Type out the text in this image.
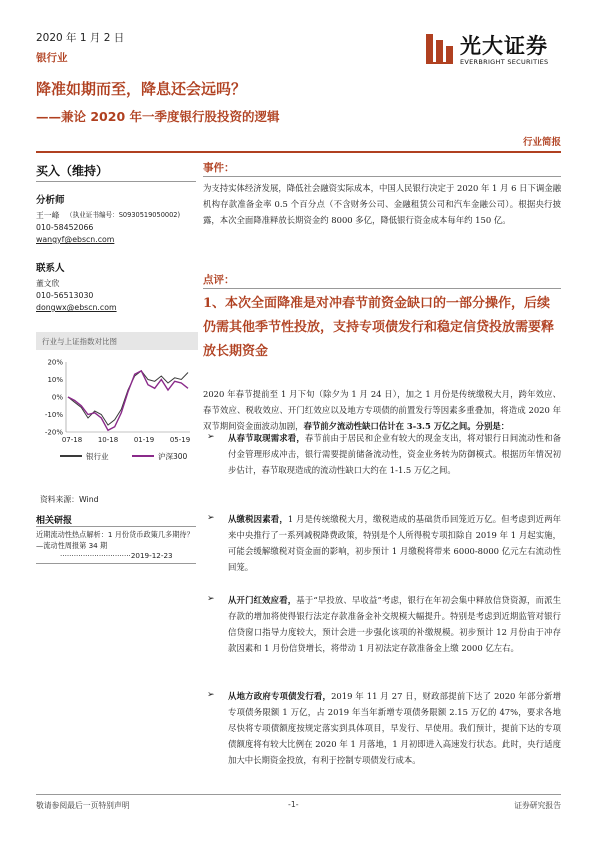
2020 年 1 月 2 日
银行业	光大证券
EVERBRIGHT SECURITIES
降准如期而至，降息还会远吗？
——兼论 2020 年一季度银行股投资的逻辑
行业简报
买入（维持）
分析师
王一峰 （执业证书编号：S0930519050002)
010-58452066
wangyf@ebscn.com
联系人
董文欣
010-56513030
dongwx@ebscn.com
行业与上证指数对比图
20%
10%
0%
-10%
-20%
07-18 10-18 01-19 05-19
银行业	沪深300
资料来源：Wind
相关研报
近期流动性热点解析：1 月份货币政策几多期待？—流动性周报第 34 期
·······························2019-12-23
事件：
为支持实体经济发展，降低社会融资实际成本，中国人民银行决定于 2020 年 1 月 6 日下调金融机构存款准备金率 0.5 个百分点（不含财务公司、金融租赁公司和汽车金融公司）。根据央行披露，本次全面降准释放长期资金约 8000 多亿，降低银行资金成本每年约 150 亿。
点评：
1、本次全面降准是对冲春节前资金缺口的一部分操作，后续仍需其他季节性投放，支持专项债发行和稳定信贷投放需要释放长期资金
2020 年春节提前至 1 月下旬（除夕为 1 月 24 日），加之 1 月份是传统缴税大月，跨年效应、春节效应、税收效应、开门红效应以及地方专项债的前置发行等因素多重叠加，将造成 2020 年双节期间资金面波动加剧，春节前夕流动性缺口估计在 3-3.5 万亿之间。分别是：
➢ 从春节取现需求看，春节前由于居民和企业有较大的现金支出，将对银行日间流动性和备付金管理形成冲击，银行需要提前储备流动性，资金业务转为防御模式。根据历年情况初步估计，春节取现造成的流动性缺口大约在 1-1.5 万亿之间。
➢ 从缴税因素看，1 月是传统缴税大月，缴税造成的基础货币回笼近万亿。但考虑到近两年来中央推行了一系列减税降费政策，特别是个人所得税专项扣除自 2019 年 1 月起实施，可能会缓解缴税对资金面的影响，初步预计 1 月缴税将带来 6000-8000 亿元左右流动性回笼。
➢ 从开门红效应看，基于“早投放、早收益”考虑，银行在年初会集中释放信贷资源，而派生存款的增加将使得银行法定存款准备金补交规模大幅提升。特别是考虑到近期监管对银行信贷窗口指导力度较大，预计会进一步强化该项的补缴规模。初步预计 12 月份由于冲存款因素和 1 月份信贷增长，将带动 1 月初法定存款准备金上缴 2000 亿左右。
➢ 从地方政府专项债发行看，2019 年 11 月 27 日，财政部提前下达了 2020 年部分新增专项债务限额 1 万亿，占 2019 年当年新增专项债务限额 2.15 万亿的 47%，要求各地尽快将专项债额度按规定落实到具体项目，早发行、早使用。我们预计，提前下达的专项债额度将有较大比例在 2020 年 1 月落地，1 月初即进入高速发行状态。此时，央行适度加大中长期资金投放，有利于控制专项债发行成本。
敬请参阅最后一页特别声明	-1-	证券研究报告
